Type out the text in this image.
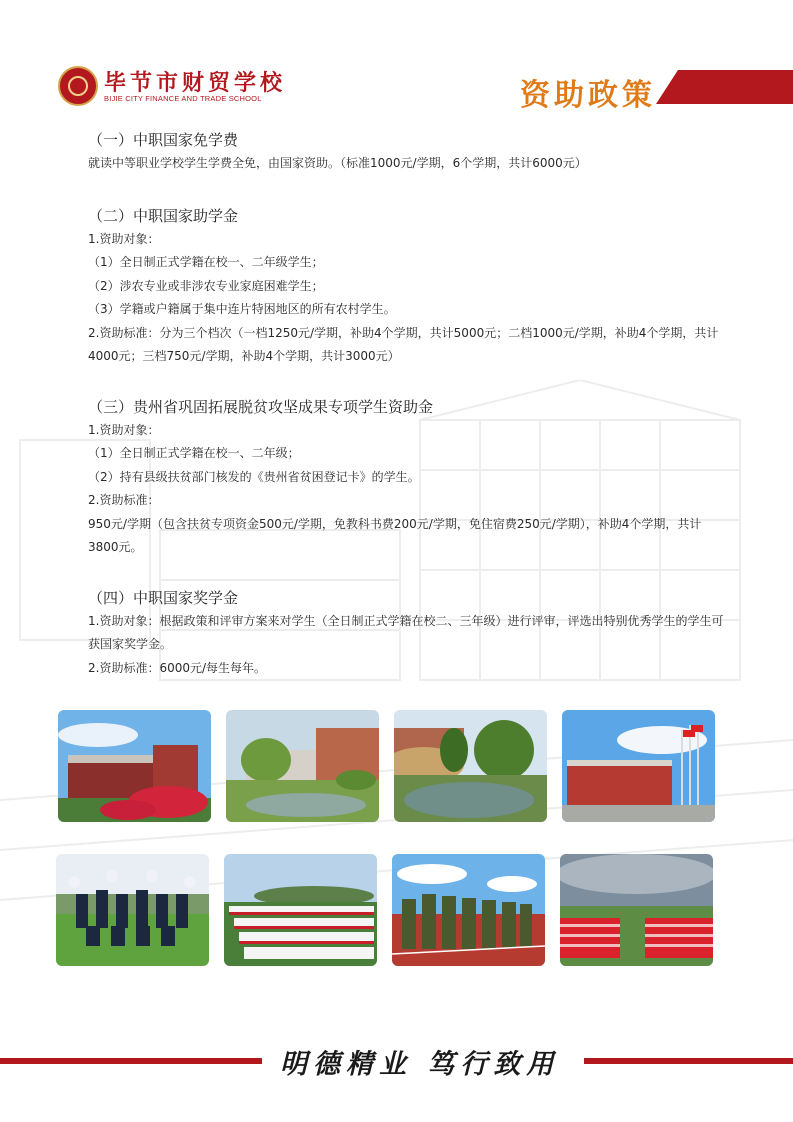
毕节市财贸学校
BIJIE CITY FINANCE AND TRADE SCHOOL	资助政策

（一）中职国家免学费

就读中等职业学校学生学费全免，由国家资助。（标准1000元/学期，6个学期，共计6000元）

（二）中职国家助学金

1.资助对象：

（1）全日制正式学籍在校一、二年级学生；

（2）涉农专业或非涉农专业家庭困难学生；

（3）学籍或户籍属于集中连片特困地区的所有农村学生。

2.资助标准：分为三个档次（一档1250元/学期，补助4个学期，共计5000元；二档1000元/学期，补助4个学期，共计4000元；三档750元/学期，补助4个学期，共计3000元）

（三）贵州省巩固拓展脱贫攻坚成果专项学生资助金

1.资助对象：

（1）全日制正式学籍在校一、二年级；

（2）持有县级扶贫部门核发的《贵州省贫困登记卡》的学生。

2.资助标准：

950元/学期（包含扶贫专项资金500元/学期，免教科书费200元/学期，免住宿费250元/学期），补助4个学期，共计3800元。

（四）中职国家奖学金

1.资助对象：根据政策和评审方案来对学生（全日制正式学籍在校二、三年级）进行评审，评选出特别优秀学生的学生可获国家奖学金。

2.资助标准：6000元/每生每年。

明德精业 笃行致用
